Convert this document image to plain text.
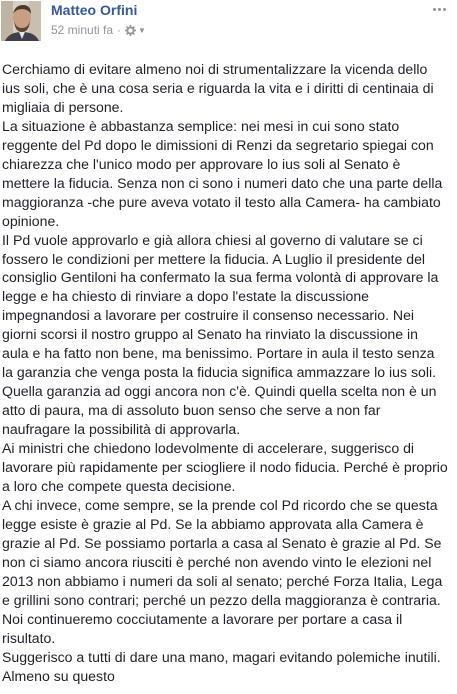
Matteo Orfini
52 minuti fa · ▼

Cerchiamo di evitare almeno noi di strumentalizzare la vicenda dello ius soli, che è una cosa seria e riguarda la vita e i diritti di centinaia di migliaia di persone.

La situazione è abbastanza semplice: nei mesi in cui sono stato reggente del Pd dopo le dimissioni di Renzi da segretario spiegai con chiarezza che l'unico modo per approvare lo ius soli al Senato è mettere la fiducia. Senza non ci sono i numeri dato che una parte della maggioranza -che pure aveva votato il testo alla Camera- ha cambiato opinione.

Il Pd vuole approvarlo e già allora chiesi al governo di valutare se ci fossero le condizioni per mettere la fiducia. A Luglio il presidente del consiglio Gentiloni ha confermato la sua ferma volontà di approvare la legge e ha chiesto di rinviare a dopo l'estate la discussione impegnandosi a lavorare per costruire il consenso necessario. Nei giorni scorsi il nostro gruppo al Senato ha rinviato la discussione in aula e ha fatto non bene, ma benissimo. Portare in aula il testo senza la garanzia che venga posta la fiducia significa ammazzare lo ius soli. Quella garanzia ad oggi ancora non c'è. Quindi quella scelta non è un atto di paura, ma di assoluto buon senso che serve a non far naufragare la possibilità di approvarla.

Ai ministri che chiedono lodevolmente di accelerare, suggerisco di lavorare più rapidamente per sciogliere il nodo fiducia. Perché è proprio a loro che compete questa decisione.

A chi invece, come sempre, se la prende col Pd ricordo che se questa legge esiste è grazie al Pd. Se la abbiamo approvata alla Camera è grazie al Pd. Se possiamo portarla a casa al Senato è grazie al Pd. Se non ci siamo ancora riusciti è perché non avendo vinto le elezioni nel 2013 non abbiamo i numeri da soli al senato; perché Forza Italia, Lega e grillini sono contrari; perché un pezzo della maggioranza è contraria.

Noi continueremo cocciutamente a lavorare per portare a casa il risultato.

Suggerisco a tutti di dare una mano, magari evitando polemiche inutili.

Almeno su questo
